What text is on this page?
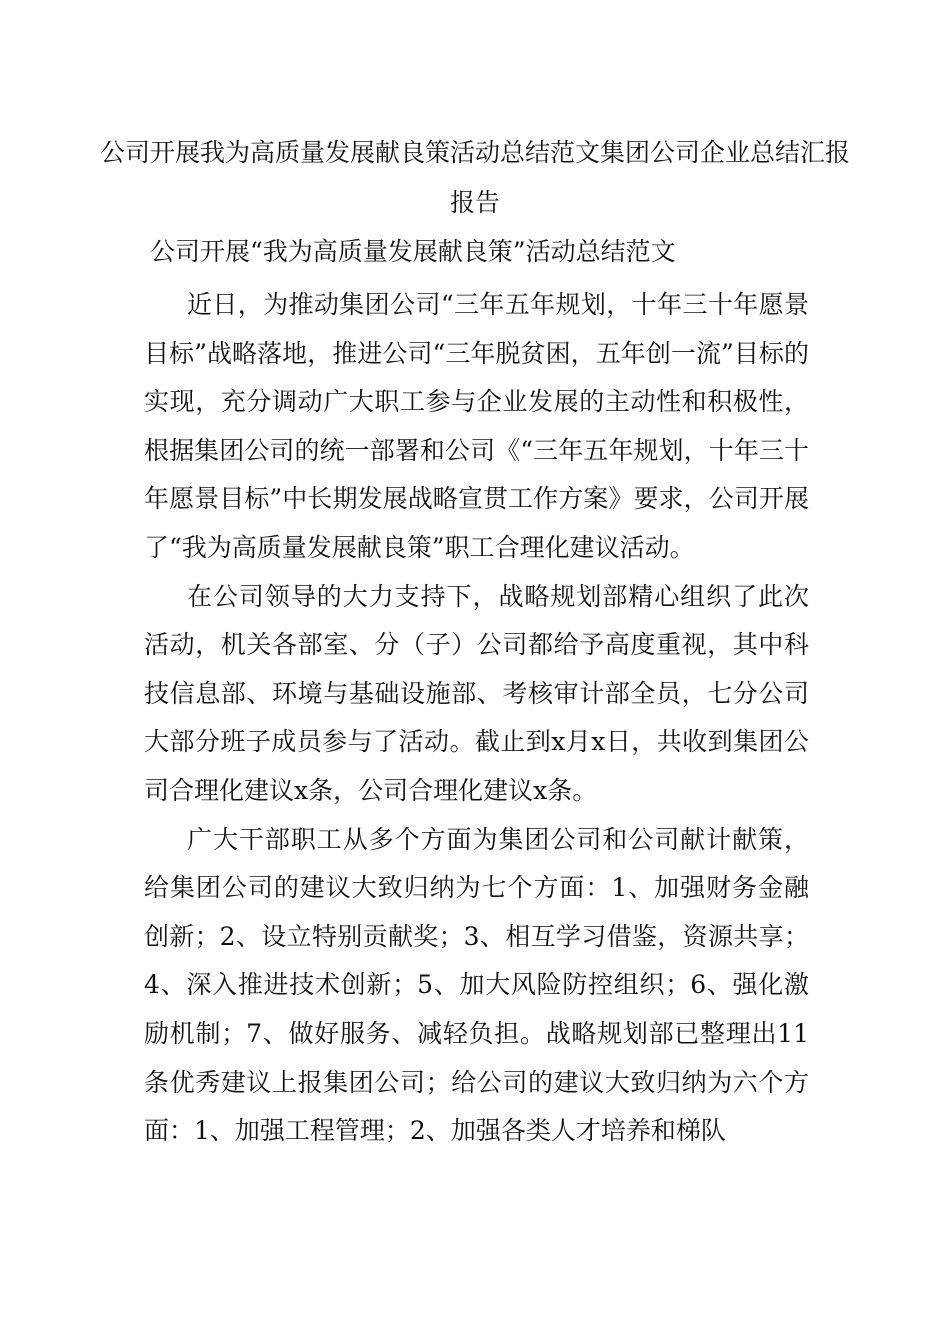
公司开展我为高质量发展献良策活动总结范文集团公司企业总结汇报报告
公司开展“我为高质量发展献良策”活动总结范文

近日，为推动集团公司“三年五年规划，十年三十年愿景目标”战略落地，推进公司“三年脱贫困，五年创一流”目标的实现，充分调动广大职工参与企业发展的主动性和积极性，根据集团公司的统一部署和公司《“三年五年规划，十年三十年愿景目标”中长期发展战略宣贯工作方案》要求，公司开展了“我为高质量发展献良策”职工合理化建议活动。

在公司领导的大力支持下，战略规划部精心组织了此次活动，机关各部室、分（子）公司都给予高度重视，其中科技信息部、环境与基础设施部、考核审计部全员，七分公司大部分班子成员参与了活动。截止到x月x日，共收到集团公司合理化建议x条，公司合理化建议x条。

广大干部职工从多个方面为集团公司和公司献计献策，给集团公司的建议大致归纳为七个方面：1、加强财务金融创新；2、设立特别贡献奖；3、相互学习借鉴，资源共享；4、深入推进技术创新；5、加大风险防控组织；6、强化激励机制；7、做好服务、减轻负担。战略规划部已整理出11条优秀建议上报集团公司；给公司的建议大致归纳为六个方面：1、加强工程管理；2、加强各类人才培养和梯队
